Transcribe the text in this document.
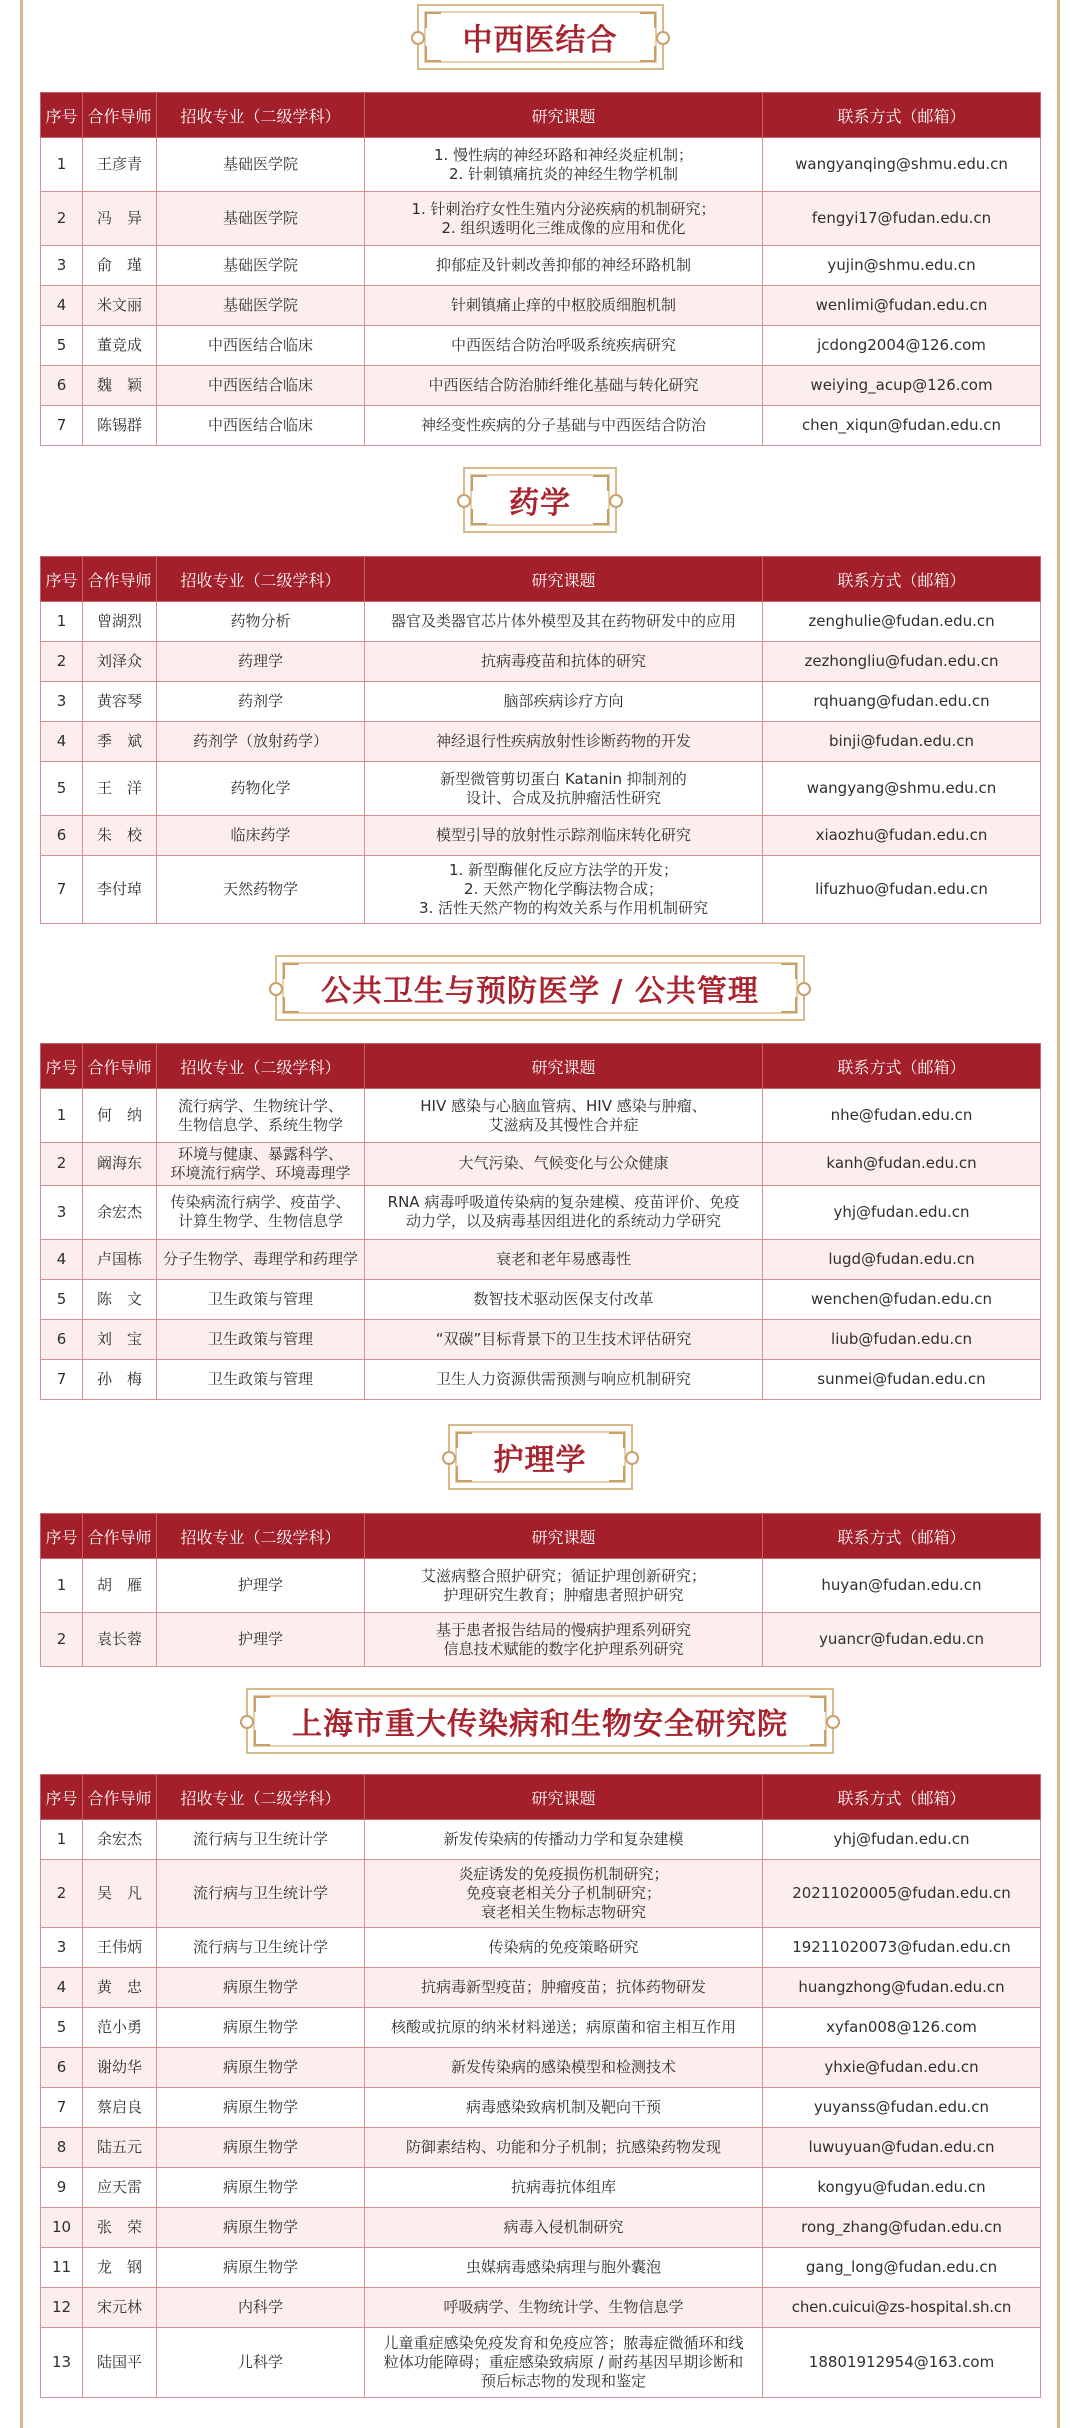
中西医结合
序号	合作导师	招收专业（二级学科）	研究课题	联系方式（邮箱）
1	王彦青	基础医学院	1. 慢性病的神经环路和神经炎症机制；
2. 针刺镇痛抗炎的神经生物学机制	wangyanqing@shmu.edu.cn
2	冯　异	基础医学院	1. 针刺治疗女性生殖内分泌疾病的机制研究；
2. 组织透明化三维成像的应用和优化	fengyi17@fudan.edu.cn
3	俞　瑾	基础医学院	抑郁症及针刺改善抑郁的神经环路机制	yujin@shmu.edu.cn
4	米文丽	基础医学院	针刺镇痛止痒的中枢胶质细胞机制	wenlimi@fudan.edu.cn
5	董竞成	中西医结合临床	中西医结合防治呼吸系统疾病研究	jcdong2004@126.com
6	魏　颖	中西医结合临床	中西医结合防治肺纤维化基础与转化研究	weiying_acup@126.com
7	陈锡群	中西医结合临床	神经变性疾病的分子基础与中西医结合防治	chen_xiqun@fudan.edu.cn
药学
序号	合作导师	招收专业（二级学科）	研究课题	联系方式（邮箱）
1	曾湖烈	药物分析	器官及类器官芯片体外模型及其在药物研发中的应用	zenghulie@fudan.edu.cn
2	刘泽众	药理学	抗病毒疫苗和抗体的研究	zezhongliu@fudan.edu.cn
3	黄容琴	药剂学	脑部疾病诊疗方向	rqhuang@fudan.edu.cn
4	季　斌	药剂学（放射药学）	神经退行性疾病放射性诊断药物的开发	binji@fudan.edu.cn
5	王　洋	药物化学	新型微管剪切蛋白 Katanin 抑制剂的
设计、合成及抗肿瘤活性研究	wangyang@shmu.edu.cn
6	朱　校	临床药学	模型引导的放射性示踪剂临床转化研究	xiaozhu@fudan.edu.cn
7	李付琸	天然药物学	1. 新型酶催化反应方法学的开发；
2. 天然产物化学酶法物合成；
3. 活性天然产物的构效关系与作用机制研究	lifuzhuo@fudan.edu.cn
公共卫生与预防医学 / 公共管理
序号	合作导师	招收专业（二级学科）	研究课题	联系方式（邮箱）
1	何　纳	流行病学、生物统计学、
生物信息学、系统生物学	HIV 感染与心脑血管病、HIV 感染与肿瘤、
艾滋病及其慢性合并症	nhe@fudan.edu.cn
2	阚海东	环境与健康、暴露科学、
环境流行病学、环境毒理学	大气污染、气候变化与公众健康	kanh@fudan.edu.cn
3	余宏杰	传染病流行病学、疫苗学、
计算生物学、生物信息学	RNA 病毒呼吸道传染病的复杂建模、疫苗评价、免疫
动力学，以及病毒基因组进化的系统动力学研究	yhj@fudan.edu.cn
4	卢国栋	分子生物学、毒理学和药理学	衰老和老年易感毒性	lugd@fudan.edu.cn
5	陈　文	卫生政策与管理	数智技术驱动医保支付改革	wenchen@fudan.edu.cn
6	刘　宝	卫生政策与管理	“双碳”目标背景下的卫生技术评估研究	liub@fudan.edu.cn
7	孙　梅	卫生政策与管理	卫生人力资源供需预测与响应机制研究	sunmei@fudan.edu.cn
护理学
序号	合作导师	招收专业（二级学科）	研究课题	联系方式（邮箱）
1	胡　雁	护理学	艾滋病整合照护研究；循证护理创新研究；
护理研究生教育；肿瘤患者照护研究	huyan@fudan.edu.cn
2	袁长蓉	护理学	基于患者报告结局的慢病护理系列研究
信息技术赋能的数字化护理系列研究	yuancr@fudan.edu.cn
上海市重大传染病和生物安全研究院
序号	合作导师	招收专业（二级学科）	研究课题	联系方式（邮箱）
1	余宏杰	流行病与卫生统计学	新发传染病的传播动力学和复杂建模	yhj@fudan.edu.cn
2	吴　凡	流行病与卫生统计学	炎症诱发的免疫损伤机制研究；
免疫衰老相关分子机制研究；
衰老相关生物标志物研究	20211020005@fudan.edu.cn
3	王伟炳	流行病与卫生统计学	传染病的免疫策略研究	19211020073@fudan.edu.cn
4	黄　忠	病原生物学	抗病毒新型疫苗；肿瘤疫苗；抗体药物研发	huangzhong@fudan.edu.cn
5	范小勇	病原生物学	核酸或抗原的纳米材料递送；病原菌和宿主相互作用	xyfan008@126.com
6	谢幼华	病原生物学	新发传染病的感染模型和检测技术	yhxie@fudan.edu.cn
7	蔡启良	病原生物学	病毒感染致病机制及靶向干预	yuyanss@fudan.edu.cn
8	陆五元	病原生物学	防御素结构、功能和分子机制；抗感染药物发现	luwuyuan@fudan.edu.cn
9	应天雷	病原生物学	抗病毒抗体组库	kongyu@fudan.edu.cn
10	张　荣	病原生物学	病毒入侵机制研究	rong_zhang@fudan.edu.cn
11	龙　钢	病原生物学	虫媒病毒感染病理与胞外囊泡	gang_long@fudan.edu.cn
12	宋元林	内科学	呼吸病学、生物统计学、生物信息学	chen.cuicui@zs-hospital.sh.cn
13	陆国平	儿科学	儿童重症感染免疫发育和免疫应答；脓毒症微循环和线
粒体功能障碍；重症感染致病原 / 耐药基因早期诊断和
预后标志物的发现和鉴定	18801912954@163.com
